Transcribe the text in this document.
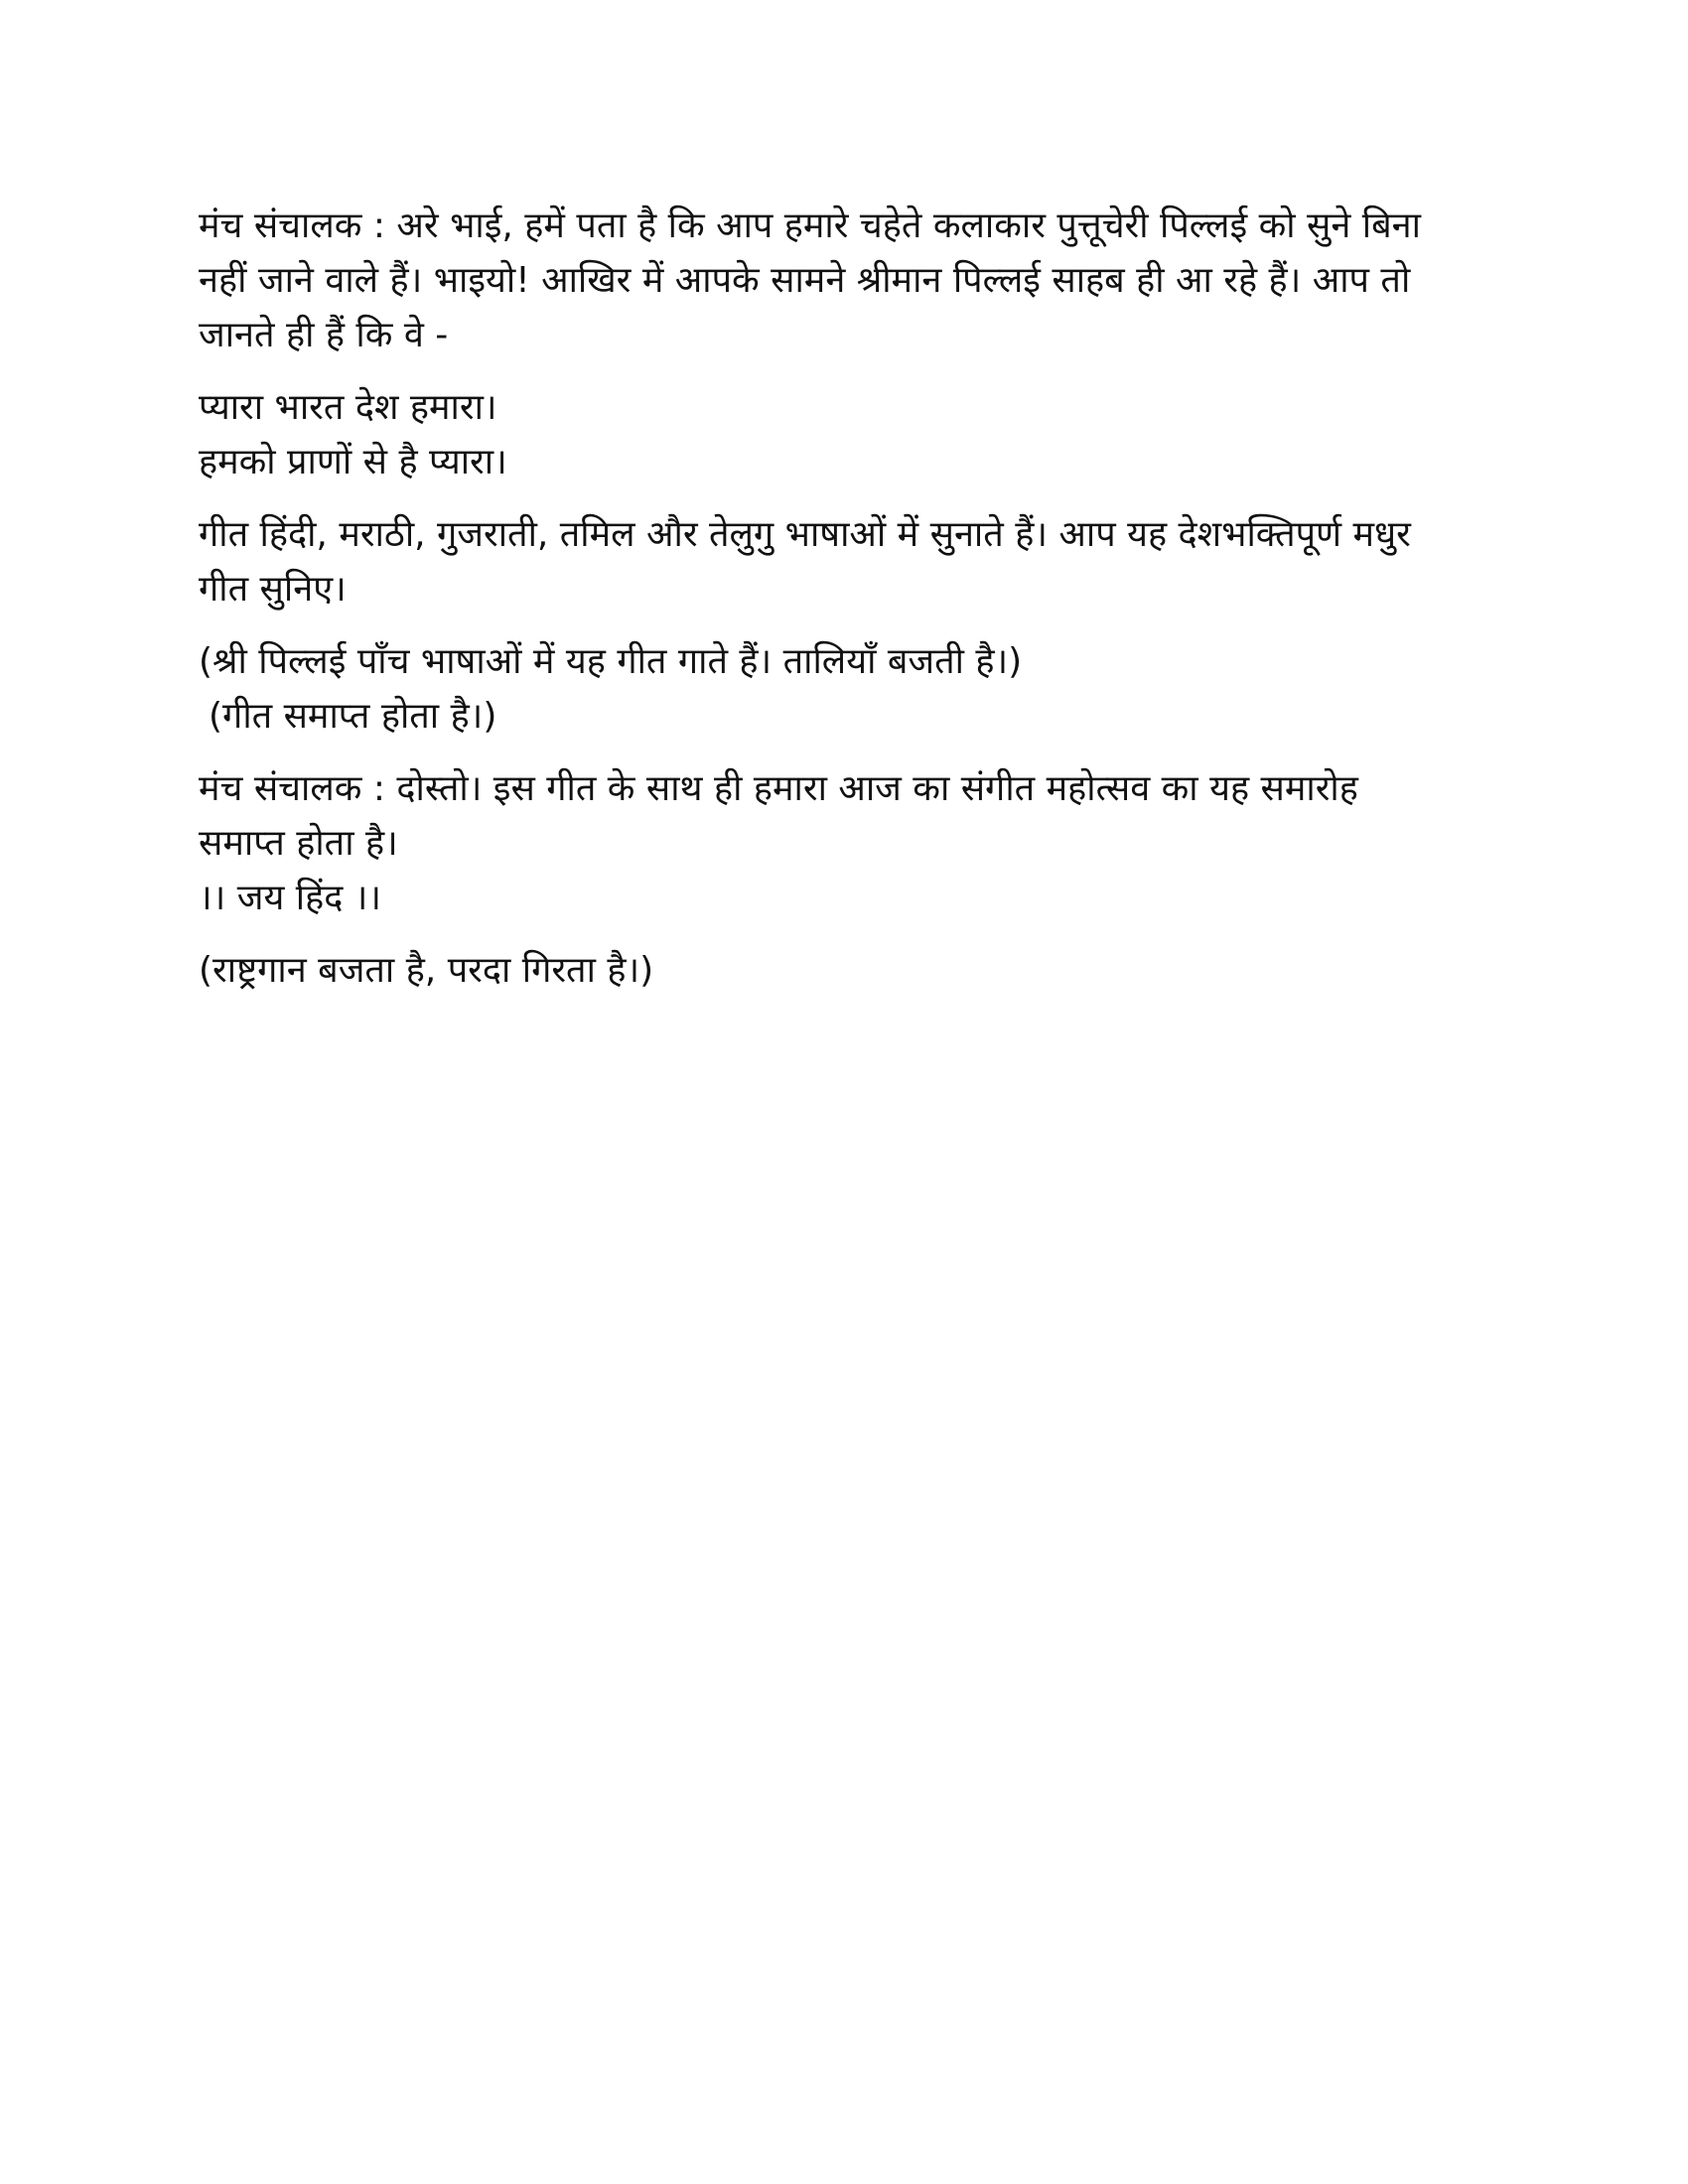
मंच संचालक : अरे भाई, हमें पता है कि आप हमारे चहेते कलाकार पुत्तूचेरी पिल्लई को सुने बिना
नहीं जाने वाले हैं। भाइयो! आखिर में आपके सामने श्रीमान पिल्लई साहब ही आ रहे हैं। आप तो
जानते ही हैं कि वे -

प्यारा भारत देश हमारा।
हमको प्राणों से है प्यारा।

गीत हिंदी, मराठी, गुजराती, तमिल और तेलुगु भाषाओं में सुनाते हैं। आप यह देशभक्तिपूर्ण मधुर
गीत सुनिए।

(श्री पिल्लई पाँच भाषाओं में यह गीत गाते हैं। तालियाँ बजती है।)
(गीत समाप्त होता है।)

मंच संचालक : दोस्तो। इस गीत के साथ ही हमारा आज का संगीत महोत्सव का यह समारोह
समाप्त होता है।
।। जय हिंद ।।

(राष्ट्रगान बजता है, परदा गिरता है।)
